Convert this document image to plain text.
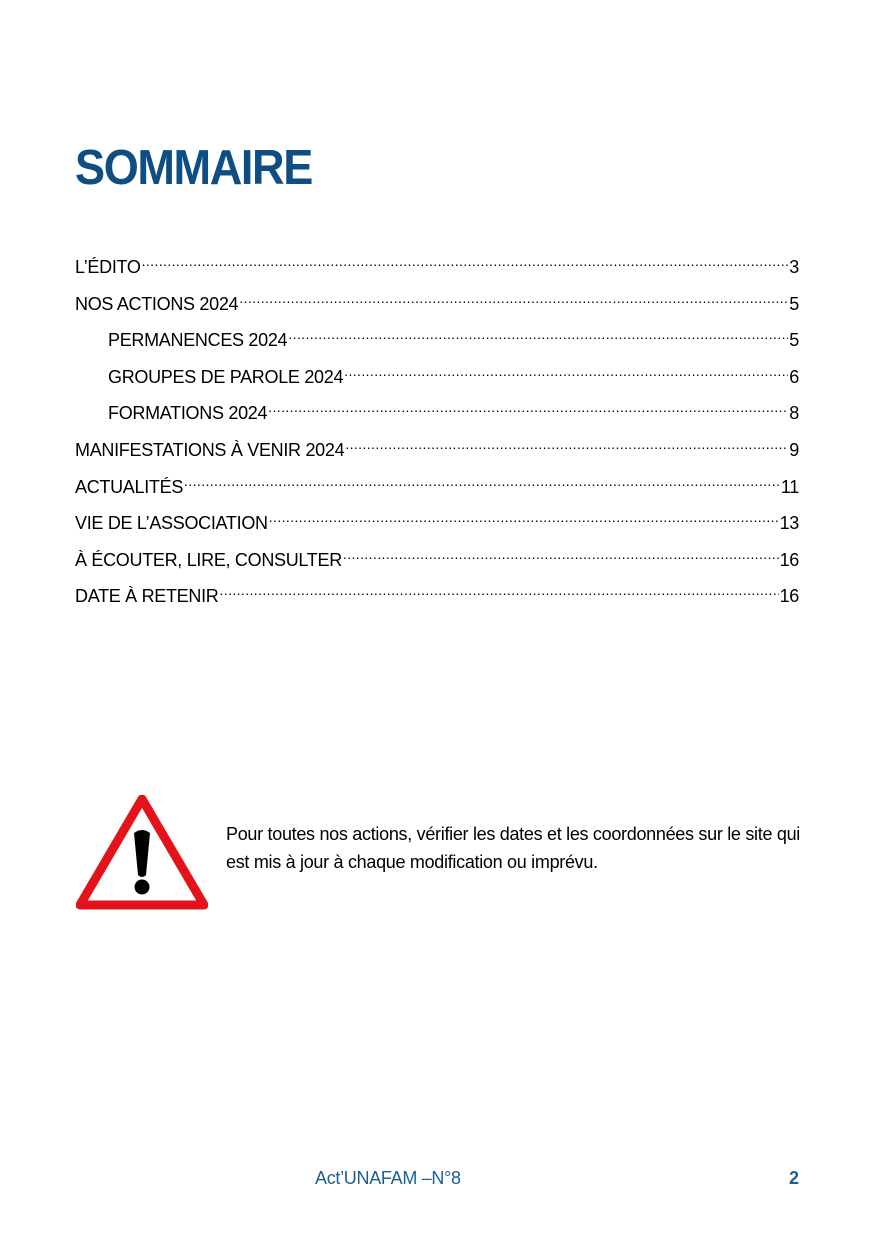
SOMMAIRE
L’ÉDITO .....	3
NOS ACTIONS 2024 .....	5
PERMANENCES 2024 .....	5
GROUPES DE PAROLE 2024 .....	6
FORMATIONS 2024 .....	8
MANIFESTATIONS À VENIR 2024 .....	9
ACTUALITÉS .....	11
VIE DE L’ASSOCIATION .....	13
À ÉCOUTER, LIRE, CONSULTER .....	16
DATE À RETENIR .....	16
Pour toutes nos actions, vérifier les dates et les coordonnées sur le site qui est mis à jour à chaque modification ou imprévu.
Act’UNAFAM –N°8	2
